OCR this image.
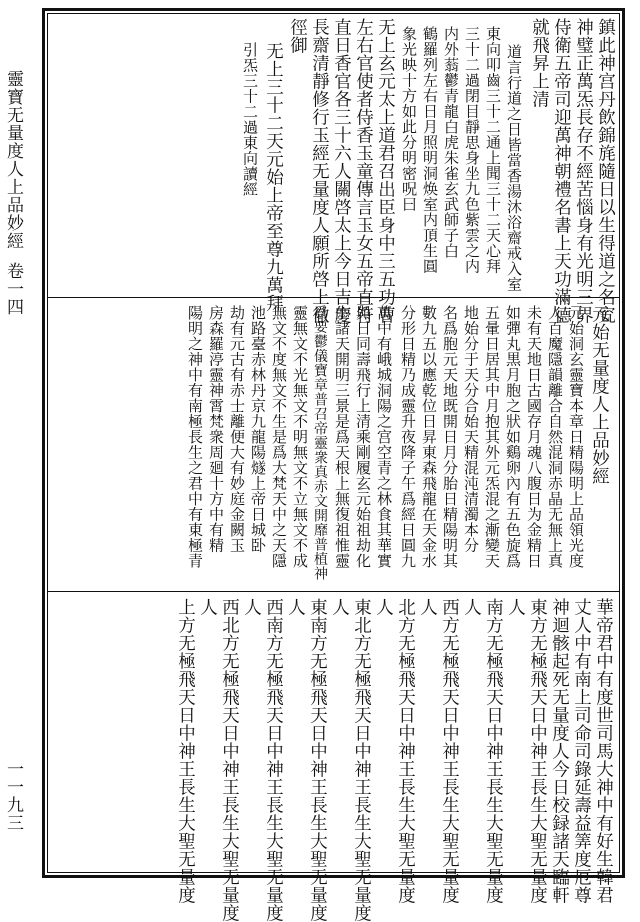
靈寶无量度人上品妙經
卷一四
一一九三
鎮此神宫丹飲錦旄隨日以生得道之名䆒
神璧正萬炁長存不經苦惱身有光明三界
侍衛五帝司迎萬神朝禮名書上天功滿德
就飛昇上清
道言行道之日皆當香湯沐浴齋戒入室
東向叩齒三十二通上聞三十二天心拜
三十二過閉目靜思身坐九色紫雲之内
内外蓊鬱青龍白虎朱雀玄武師子白
鶴羅列左右日月照明洞焕室内頂生圓
象光映十方如此分明密呪曰
无上玄元太上道君召出臣身中三五功曹
左右官使者侍香玉童傳言玉女五帝直符
直日香官各三十六人關啓太上今日吉慶
長齋清靜修行玉經无量度人願所啓上徹
徑御
无上三十二天元始上帝至尊九萬拜
引炁三十二過東向讀經
元始无量度人上品妙經
元始洞玄靈寶本章日精陽明上品領光度
人百魔隱韻離合自然混洞赤晶无無上真
未有天地日古國存月魂八腹日为金精日
如彈丸黒月胞之狀如鷄卵內有五色旋爲
五暈日居其中月抱其外元炁混之漸變天
地始分于天分合始天精混沌清濁本分
名爲胞元天地既開日月分胎日精陽明其
數九五以應乾位日昇東森飛龍在天金水
分形日精乃成靈升夜降子午爲經日圓九
萬中有峨城洞陽之宫空青之林食其華實
與日同壽飛行上清乘剛履玄元始祖劫化
生諸天開明三景是爲天根上無復祖惟靈
爲要鬱儀寶章普召帝靈衆真赤文開靡普植神
靈無文不光無文不明無文不立無文不成
無文不度無文不生是爲大梵天中之天隱
池路臺赤林丹京九龍陽燧上帝日城卧
劫有元古有赤士離便大有妙庭金闕玉
房森羅渟靈神霄梵衆周廻十方中有精
陽明之神中有南極長生之君中有東極青
華帝君中有度世司馬大神中有好生韓君
丈人中有南上司命司錄延壽益筭度厄尊
神迴骸起死无量度人今日校録諸天臨軒
東方无極飛天日中神王長生大聖无量度
人
南方无極飛天日中神王長生大聖无量度
人
西方无極飛天日中神王長生大聖无量度
人
北方无極飛天日中神王長生大聖无量度
人
東北方无極飛天日中神王長生大聖无量度
人
東南方无極飛天日中神王長生大聖无量度
人
西南方无極飛天日中神王長生大聖无量度
人
西北方无極飛天日中神王長生大聖无量度
人
上方无極飛天日中神王長生大聖无量度
